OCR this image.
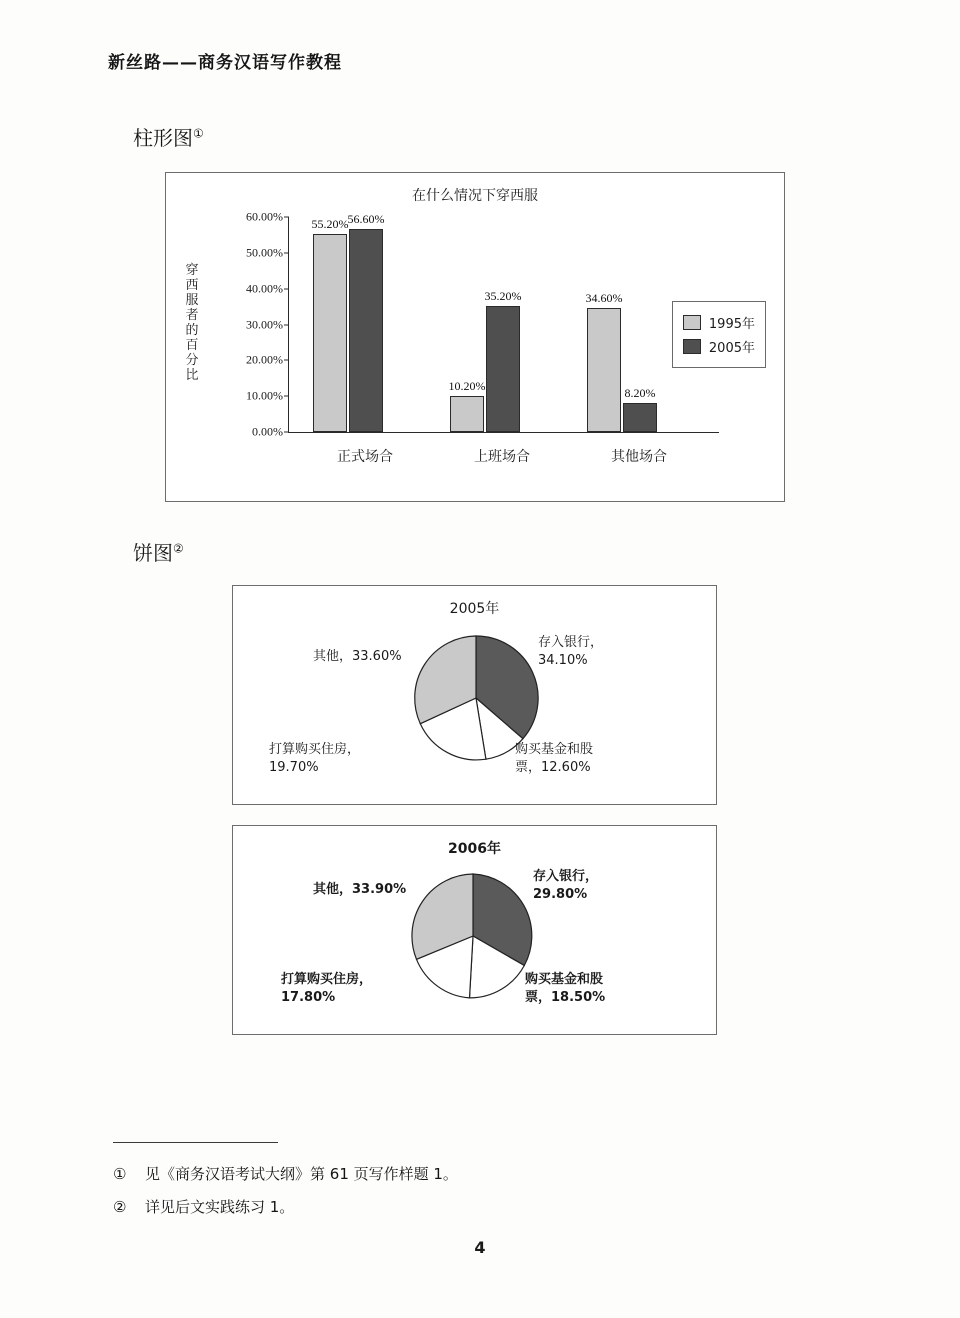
新丝路——商务汉语写作教程
柱形图①
在什么情况下穿西服
穿西服者的百分比
0.00%
10.00%
20.00%
30.00%
40.00%
50.00%
60.00%
55.20% 56.60%
正式场合
10.20%
35.20%
上班场合
34.60%
8.20%
其他场合
1995年
2005年
饼图②
2005年
存入银行，
34.10%
购买基金和股
票，12.60%
打算购买住房，
19.70%
其他，33.60%
2006年
存入银行，
29.80%
购买基金和股
票，18.50%
打算购买住房，
17.80%
其他，33.90%
① 见《商务汉语考试大纲》第 61 页写作样题 1。
② 详见后文实践练习 1。
4
